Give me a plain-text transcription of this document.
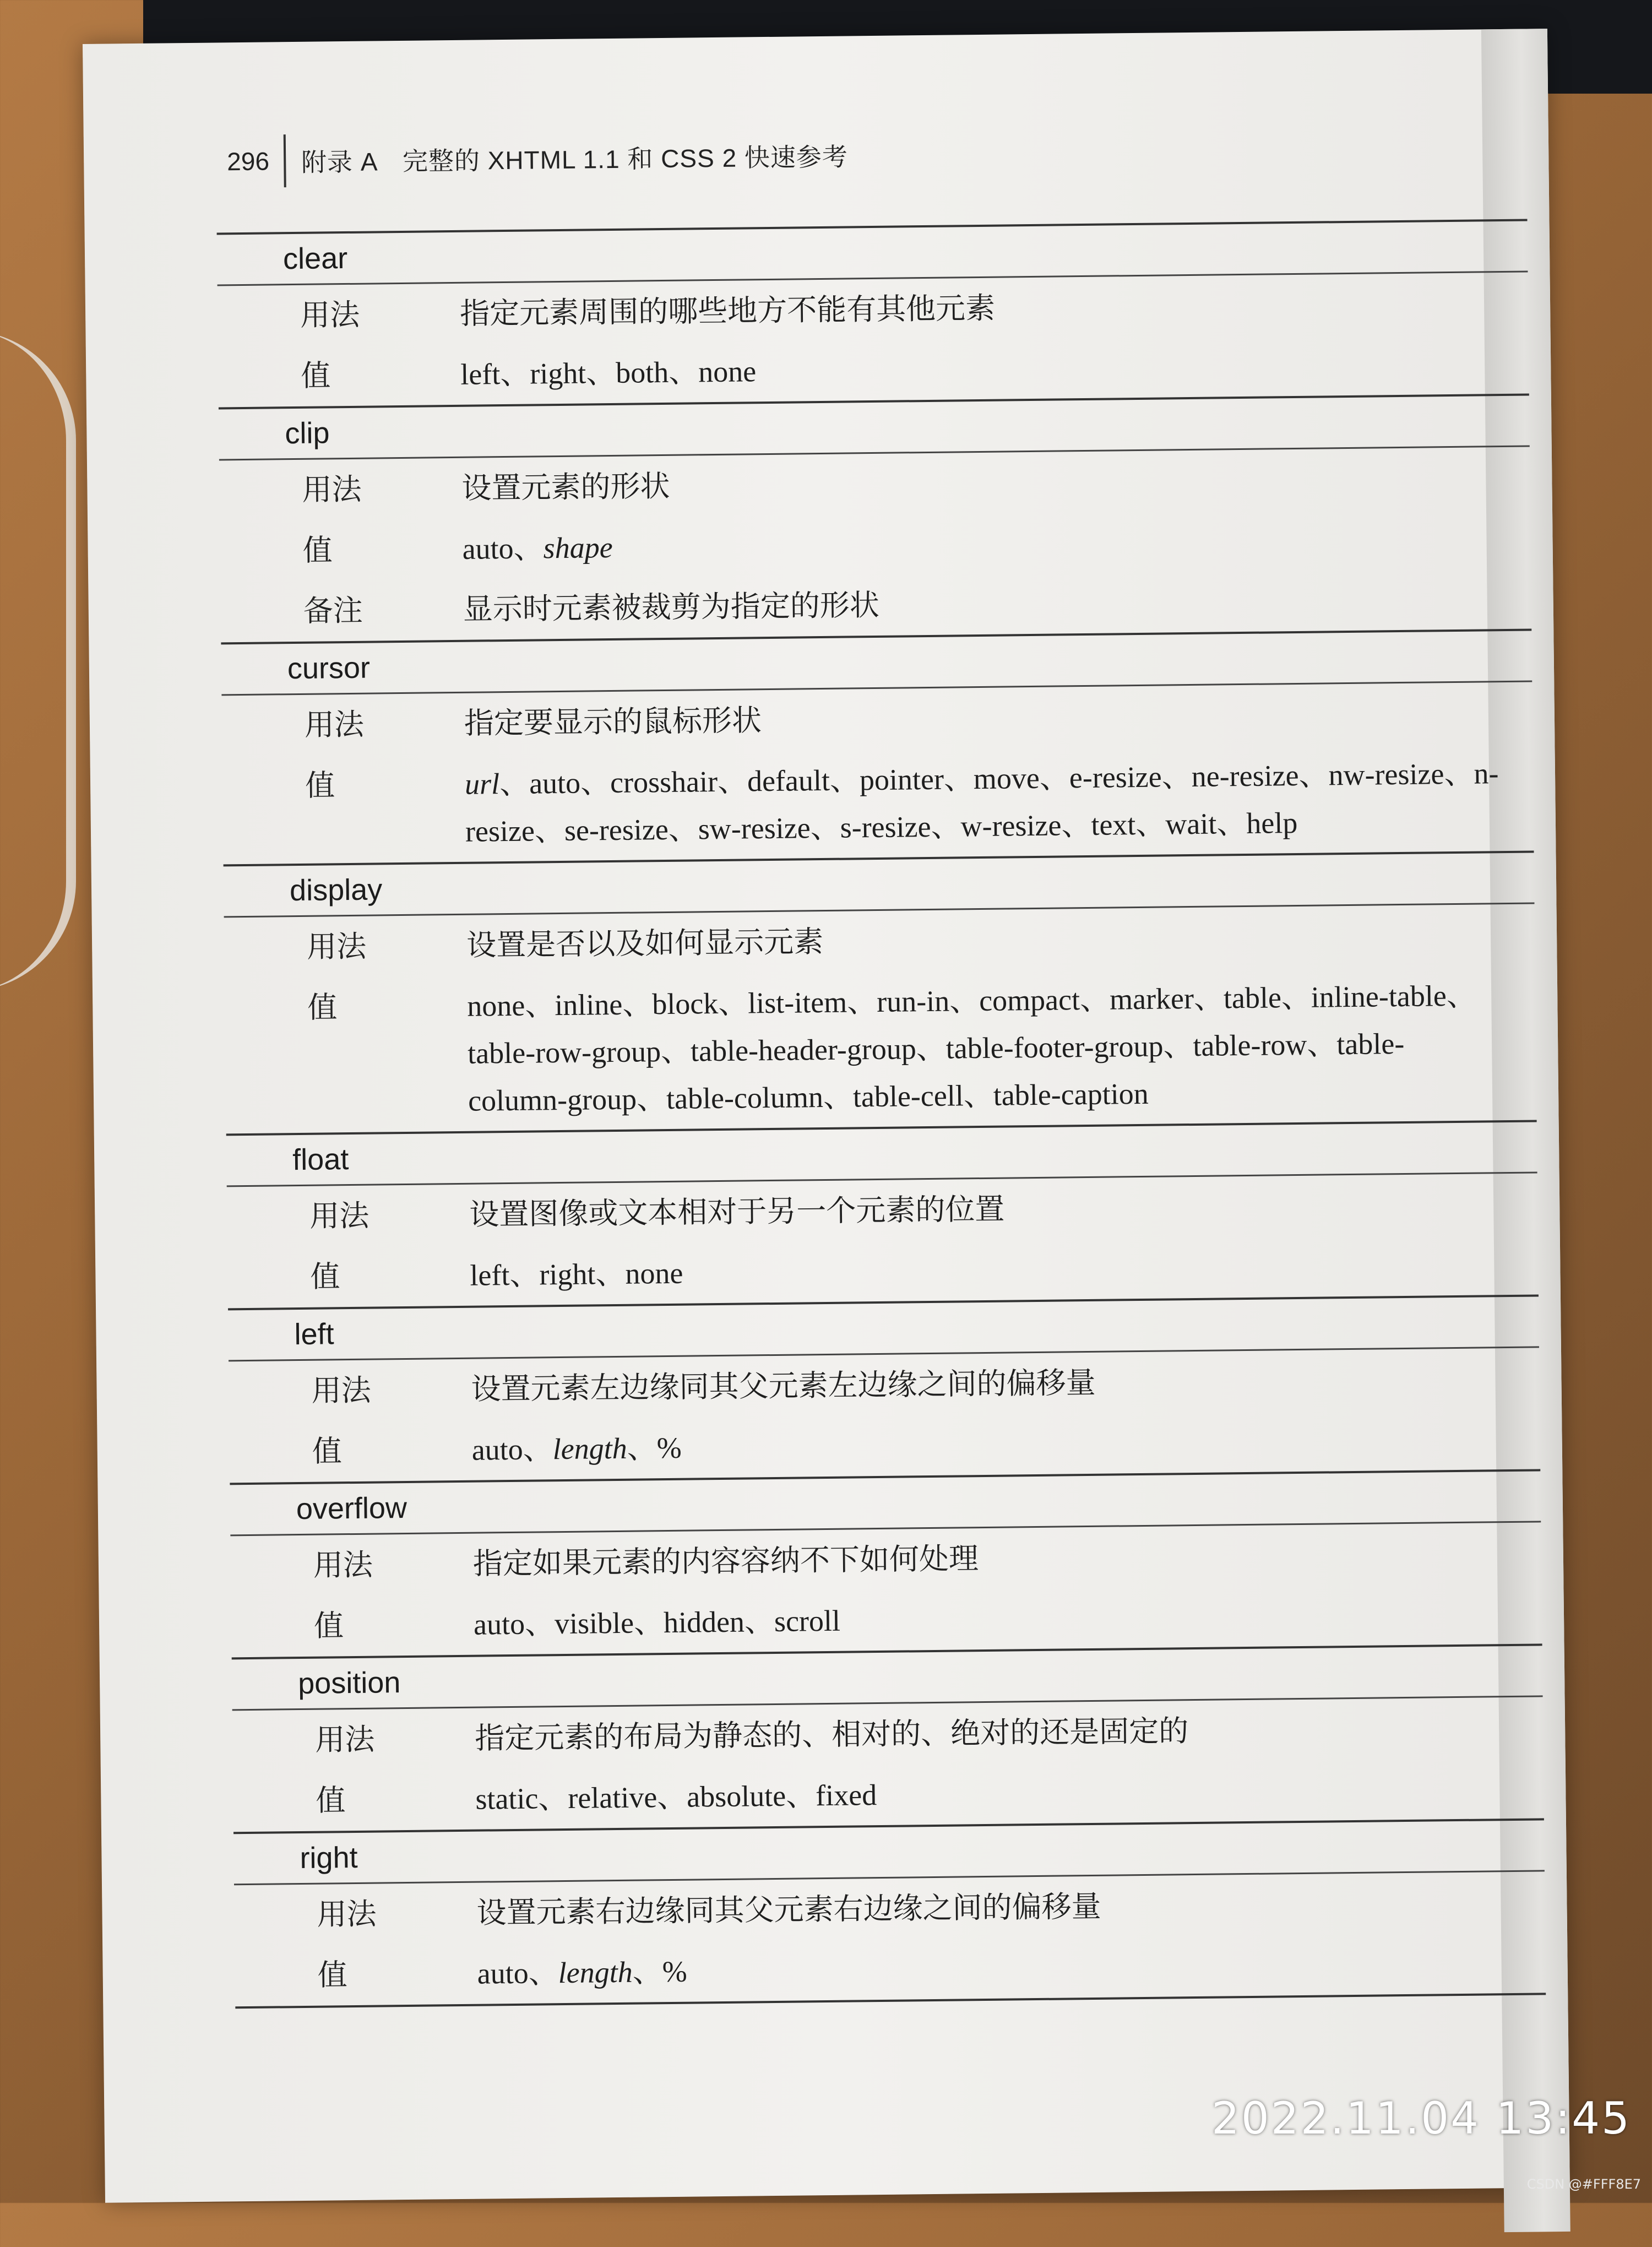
296	附录 A　完整的 XHTML 1.1 和 CSS 2 快速参考
clear
用法	指定元素周围的哪些地方不能有其他元素
值	left、right、both、none
clip
用法	设置元素的形状
值	auto、shape
备注	显示时元素被裁剪为指定的形状
cursor
用法	指定要显示的鼠标形状
值	url、auto、crosshair、default、pointer、move、e-resize、ne-resize、nw-resize、n-resize、se-resize、sw-resize、s-resize、w-resize、text、wait、help
display
用法	设置是否以及如何显示元素
值	none、inline、block、list-item、run-in、compact、marker、table、inline-table、table-row-group、table-header-group、table-footer-group、table-row、table-column-group、table-column、table-cell、table-caption
float
用法	设置图像或文本相对于另一个元素的位置
值	left、right、none
left
用法	设置元素左边缘同其父元素左边缘之间的偏移量
值	auto、length、%
overflow
用法	指定如果元素的内容容纳不下如何处理
值	auto、visible、hidden、scroll
position
用法	指定元素的布局为静态的、相对的、绝对的还是固定的
值	static、relative、absolute、fixed
right
用法	设置元素右边缘同其父元素右边缘之间的偏移量
值	auto、length、%
2022.11.04 13:45
CSDN @#FFF8E7
